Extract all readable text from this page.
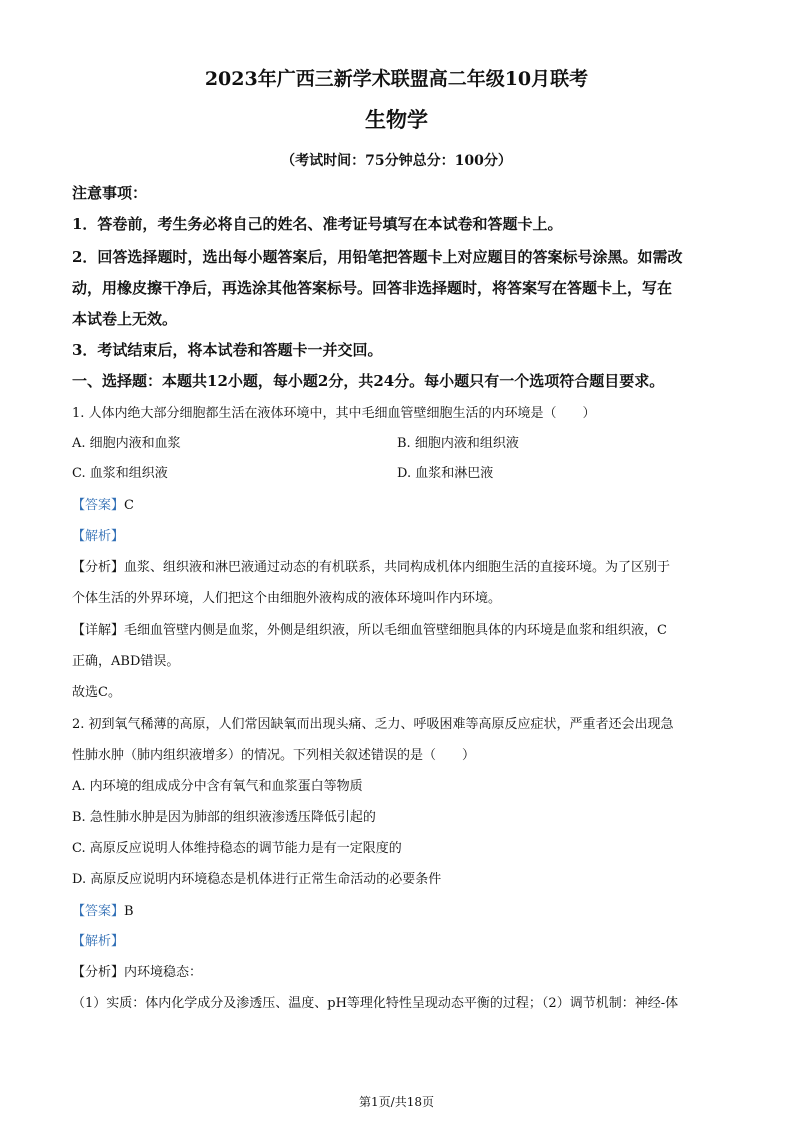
2023年广西三新学术联盟高二年级10月联考
生物学
（考试时间：75分钟总分：100分）
注意事项：
1．答卷前，考生务必将自己的姓名、准考证号填写在本试卷和答题卡上。
2．回答选择题时，选出每小题答案后，用铅笔把答题卡上对应题目的答案标号涂黑。如需改
动，用橡皮擦干净后，再选涂其他答案标号。回答非选择题时，将答案写在答题卡上，写在
本试卷上无效。
3．考试结束后，将本试卷和答题卡一并交回。
一、选择题：本题共12小题，每小题2分，共24分。每小题只有一个选项符合题目要求。
1. 人体内绝大部分细胞都生活在液体环境中，其中毛细血管壁细胞生活的内环境是（　　）
A. 细胞内液和血浆	B. 细胞内液和组织液
C. 血浆和组织液	D. 血浆和淋巴液
【答案】C
【解析】
【分析】血浆、组织液和淋巴液通过动态的有机联系，共同构成机体内细胞生活的直接环境。为了区别于
个体生活的外界环境，人们把这个由细胞外液构成的液体环境叫作内环境。
【详解】毛细血管壁内侧是血浆，外侧是组织液，所以毛细血管壁细胞具体的内环境是血浆和组织液，C
正确，ABD错误。
故选C。
2. 初到氧气稀薄的高原，人们常因缺氧而出现头痛、乏力、呼吸困难等高原反应症状，严重者还会出现急
性肺水肿（肺内组织液增多）的情况。下列相关叙述错误的是（　　）
A. 内环境的组成成分中含有氧气和血浆蛋白等物质
B. 急性肺水肿是因为肺部的组织液渗透压降低引起的
C. 高原反应说明人体维持稳态的调节能力是有一定限度的
D. 高原反应说明内环境稳态是机体进行正常生命活动的必要条件
【答案】B
【解析】
【分析】内环境稳态：
（1）实质：体内化学成分及渗透压、温度、pH等理化特性呈现动态平衡的过程；（2）调节机制：神经-体
第1页/共18页
